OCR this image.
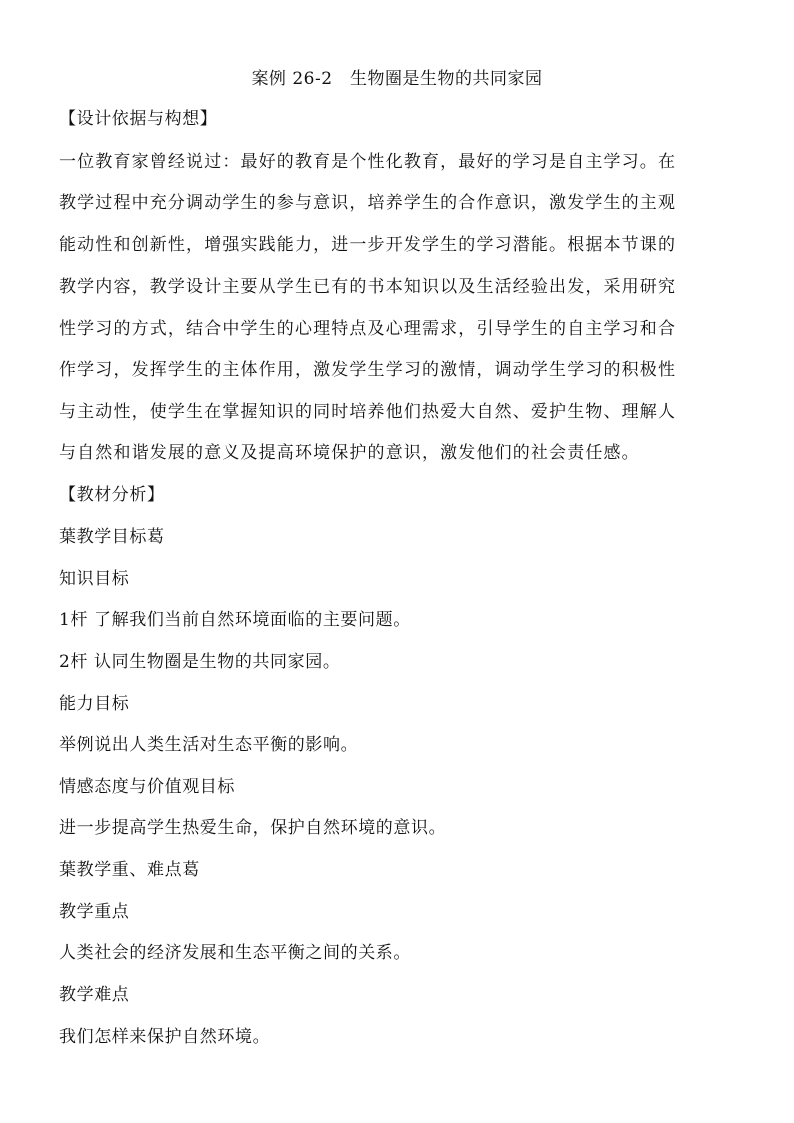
案例 26-2　生物圈是生物的共同家园
【设计依据与构想】
一位教育家曾经说过：最好的教育是个性化教育，最好的学习是自主学习。在
教学过程中充分调动学生的参与意识，培养学生的合作意识，激发学生的主观
能动性和创新性，增强实践能力，进一步开发学生的学习潜能。根据本节课的
教学内容，教学设计主要从学生已有的书本知识以及生活经验出发，采用研究
性学习的方式，结合中学生的心理特点及心理需求，引导学生的自主学习和合
作学习，发挥学生的主体作用，激发学生学习的激情，调动学生学习的积极性
与主动性，使学生在掌握知识的同时培养他们热爱大自然、爱护生物、理解人
与自然和谐发展的意义及提高环境保护的意识，激发他们的社会责任感。
【教材分析】
葉教学目标葛
知识目标
1杆 了解我们当前自然环境面临的主要问题。
2杆 认同生物圈是生物的共同家园。
能力目标
举例说出人类生活对生态平衡的影响。
情感态度与价值观目标
进一步提高学生热爱生命，保护自然环境的意识。
葉教学重、难点葛
教学重点
人类社会的经济发展和生态平衡之间的关系。
教学难点
我们怎样来保护自然环境。
